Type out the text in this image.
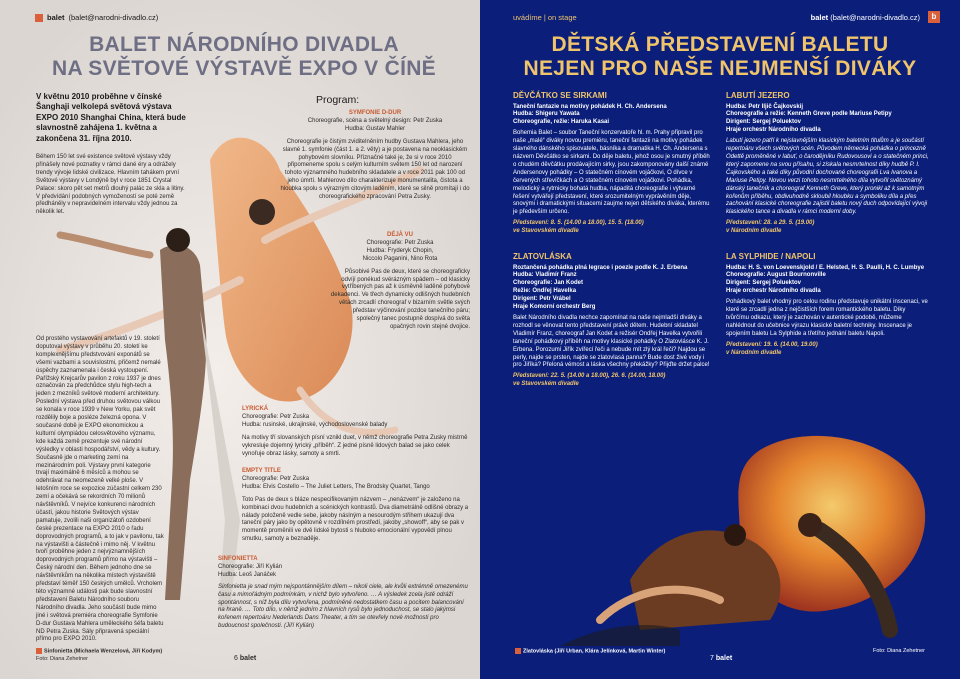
balet (balet@narodni-divadlo.cz)
BALET NÁRODNÍHO DIVADLA
NA SVĚTOVÉ VÝSTAVĚ EXPO V ČÍNĚ

V květnu 2010 proběhne v čínské Šanghaji velkolepá světová výstava EXPO 2010 Shanghai China, která bude slavnostně zahájena 1. května a zakončena 31. října 2010.

Během 150 let své existence světové výstavy vždy přinášely nové poznatky v rámci dané éry a odrážely trendy vývoje lidské civilizace. Hlavním tahákem první Světové výstavy v Londýně byl v roce 1851 Crystal Palace: skoro pět set metrů dlouhý palác ze skla a litiny. V předvídání podobných vymožeností se poté země předháněly v nepravidelném intervalu vždy jednou za několik let.

Od prostého vystavování artefaktů v 19. století doputoval výstavy v průběhu 20. století ke komplexnějšímu předstvování exponátů se všemi vazbami a souvislostmi, přičemž nemalé úspěchy zaznamenala i česká vystoupení. Pařížský Krejcarův pavilon z roku 1937 je dnes označován za předchůdce stylu high-tech a jeden z mezníků světové moderní architektury. Poslední výstava před druhou světovou válkou se konala v roce 1939 v New Yorku, pak svět rozdělily boje a posléze železná opona. V současné době je EXPO ekonomickou a kulturní olympiádou celosvětového významu, kde každá země prezentuje své národní výsledky v oblasti hospodářství, vědy a kultury. Současně jde o marketing zemí na mezinárodním poli. Výstavy první kategorie trvají maximálně 6 měsíců a mohou se odehrávat na neomezeně velké ploše. V letošním roce se expozice zúčastní celkem 230 zemí a očekává se rekordních 70 milionů návštěvníků. V nejvíce konkurenci národních účastí, jakou historie Světových výstav pamatuje, zvolili naši organizátoři ozdobení české prezentace na EXPO 2010 o řadu doprovodných programů, a to jak v pavilonu, tak na výstavišti a částečně i mimo něj. V květnu tvoří proběhne jeden z nejvýznamnějších doprovodných programů přímo na výstavišti – Český národní den. Během jednoho dne se návštěvníkům na několika místech výstaviště představí téměř 150 českých umělců. Vrcholem této významné události pak bude slavnostní představení Baletu Národního souboru Národního divadla. Jeho součástí bude mimo jiné i světová premiéra choreografie Symfonie D-dur Gustava Mahlera uměleckého šéfa baletu ND Petra Zuska. Sály připravená speciální přímo pro EXPO 2010.

Program:
SYMFONIE D-DUR
Choreografie, scéna a světelný design: Petr Zuska
Hudba: Gustav Mahler

Choreografie je čistým zviditelněním hudby Gustava Mahlera, jeho slavné 1. symfonie (část 1. a 2. věty) a je postavena na neoklasickém pohybovém slovníku. Příznačné také je, že si v roce 2010 připomeneme spolu s celým kulturním světem 150 let od narození tohoto významného hudebního skladatele a v roce 2011 pak 100 od jeho úmrtí. Mahlerovo dílo charakterizuje monumentalita, čistota a hloubka spolu s výrazným citovým laděním, které se silně promítají i do choreografického zpracování Petra Zusky.

DÉJÀ VU
Choreografie: Petr Zuska
Hudba: Fryderyk Chopin,
Niccolo Paganini, Nino Rota

Působivé Pas de deux, které se choreograficky odvíjí ponékud svérázným spádem – od klasicky vytříbených pas až k úsměvně laděné pohybové dekadenci. Ve třech dynamicky odlišných hudebních větách zrcadlí choreograf v bizarním světle svých představ výčinování pozdce tanečního páru; společný tanec postupně dospívá do světa opačných rovin stejné dvojice.

LYRICKÁ
Choreografie: Petr Zuska
Hudba: rusinské, ukrajinské, východoslovenské balady

Na motivy tří slovanských písní vznikl duet, v němž choreografie Petra Zusky mistrně vykresluje dojemný lyrický „příběh“. Z jedné písně lidových balad se jako celek vynořuje obraz lásky, samoty a smrti.

EMPTY TITLE
Choreografie: Petr Zuska
Hudba: Elvis Costello – The Juliet Letters, The Brodsky Quartet, Tango

Toto Pas de deux s bláze nespecifikovaným názvem – „nenázvem“ je založeno na kombinaci dvou hudebních a scénických kontrastů. Dva diametrálně odlišné obrazy a nálady položeně vedle sebe, jakoby náslným a nesourodým střihem ukazují dva taneční páry jako by opětovně v rozdílném prostředí, jakoby „showoff“, aby se pak v momentě proměnili ve dvě lidské bytosti s hluboko emocionální vypovědí plnou smutku, samoty a beznaděje.

SINFONIETTA
Choreografie: Jiří Kylián
Hudba: Leoš Janáček

Sinfonietta je snad mým nejspontánnějším dílem – nikoli ciele, ale kvůli extrémně omezenému času a mimořádným podmínkám, v nichž bylo vytvořeno. … A výsledek zcela jistě odráží spontánnost, s níž byla dílu vytvořena, podmíněné nedostatkem času a pocitem balancování na hraně. … Toto dílo, v němž jedním z hlavních rysů bylo jednoduchost, se stalo jakýmsi kořenem repertoáru Nederlands Dans Theater, a tím se otevřely nové možnosti pro budoucnost společnosti. (Jiří Kylián)

Sinfonietta (Michaela Wenzelová, Jiří Kodym)
Foto: Diana Zehetner	6 balet
uvádíme | on stage	balet (balet@narodni-divadlo.cz)	b
DĚTSKÁ PŘEDSTAVENÍ BALETU
NEJEN PRO NAŠE NEJMENŠÍ DIVÁKY
DĚVČÁTKO SE SIRKAMI
Taneční fantazie na motivy pohádek H. Ch. Andersena
Hudba: Shigeru Yawata
Choreografie, režie: Haruka Kasai

Bohemia Balet – soubor Taneční konzervatoře hl. m. Prahy připravil pro naše „malé“ diváky novou premiéru, taneční fantazii na motivy pohádek slavného dánského spisovatele, básníka a dramatika H. Ch. Andersena s názvem Děvčátko se sirkami. Do děje baletu, jehož osou je smutný příběh o chudém děvčátku prodávajícím sirky, jsou zakomponovány další známé Andersenovy pohádky – O statečném cínovém vojáčkovi, O dívce v červených střevíčkách a O statečném cínovém vojáčkovi. Pohádka, melodický a rytmicky bohatá hudba, nápaditá choreografie i výtvarné řešení vytvářejí představení, které srozumitelným vyprávěním děje, snovými i dramatickými situacemi zaujme nejen dětského diváka, kterému je především určeno.

Představení: 8. 5. (14.00 a 18.00), 15. 5. (18.00)
ve Stavovském divadle

ZLATOVLÁSKA
Roztančená pohádka plná legrace i poezie podle K. J. Erbena
Hudba: Vladimír Franz
Choreografie: Jan Kodet
Režie: Ondřej Havelka
Dirigent: Petr Vrábel
Hraje Komorní orchestr Berg

Balet Národního divadla nechce zapomínat na naše nejmladší diváky a rozhodl se věnovat tento představení právě dětem. Hudební skladatel Vladimír Franz, choreograf Jan Kodet a režisér Ondřej Havelka vytvořili taneční pohádkový příběh na motivy klasické pohádky O Zlatovlásce K. J. Erbena. Porozumí Jiřík zvířecí řeči a nebude mít zlý král řeči? Najdou se perly, najde se prsten, najde se zlatovlasá panna? Bude dost živé vody i pro Jiříka? Přeloná vémost a láska všechny překážky? Přijďte držet palce!

Představení: 22. 5. (14.00 a 18.00), 26. 6. (14.00, 18.00)
ve Stavovském divadle

LABUTÍ JEZERO
Hudba: Petr Iljič Čajkovskij
Choreografie a režie: Kenneth Greve podle Mariuse Petipy
Dirigent: Sergej Poluektov
Hraje orchestr Národního divadla

Labutí jezero patří k nejslavnějším klasickým baletním titulům a je součástí repertoáru všech světových scén. Původem německá pohádka o princezně Odettě proměněné v labuť, o čarodějníku Rudovousovi a o statečném princi, který zapomene na svou přísahu, si získala nesmrtelnost díky hudbě P. I. Čajkovského a také díky původní dochované choreografii Lva Ivanova a Mariuse Petipy. Novou verzi tohoto nesmrtelného díla vytvořil světoznámý dánský tanečník a choreograf Kenneth Greve, který pronikl až k samotným kořenům příběhu, obdivuhodně skloubil hloubku a symboliku díla a přes zachování klasické choreografie zajistil baletu nový duch odpovídající vývoji klasického tance a divadla v rámci moderní doby.

Představení: 28. a 29. 5. (19.00)
v Národním divadle

LA SYLPHIDE / NAPOLI
Hudba: H. S. von Loevenskjold / E. Helsted, H. S. Paulli, H. C. Lumbye
Choreografie: August Bournonville
Dirigent: Sergej Poluektov
Hraje orchestr Národního divadla

Pohádkový balet vhodný pro celou rodinu představuje unikátní inscenaci, ve které se zrcadlí jedna z nejčistších forem romantického baletu. Díky tvůrčímu odkazu, který je zachován v autentické podobě, můžeme nahlédnout do učebnice výrazu klasické baletní techniky. Inscenace je spojením baletu La Sylphide a třetího jednání baletu Napoli.

Představení: 19. 6. (14.00, 19.00)
v Národním divadle

Zlatovláska (Jiří Urban, Klára Jelínková, Martin Winter)	Foto: Diana Zehetner
7 balet
